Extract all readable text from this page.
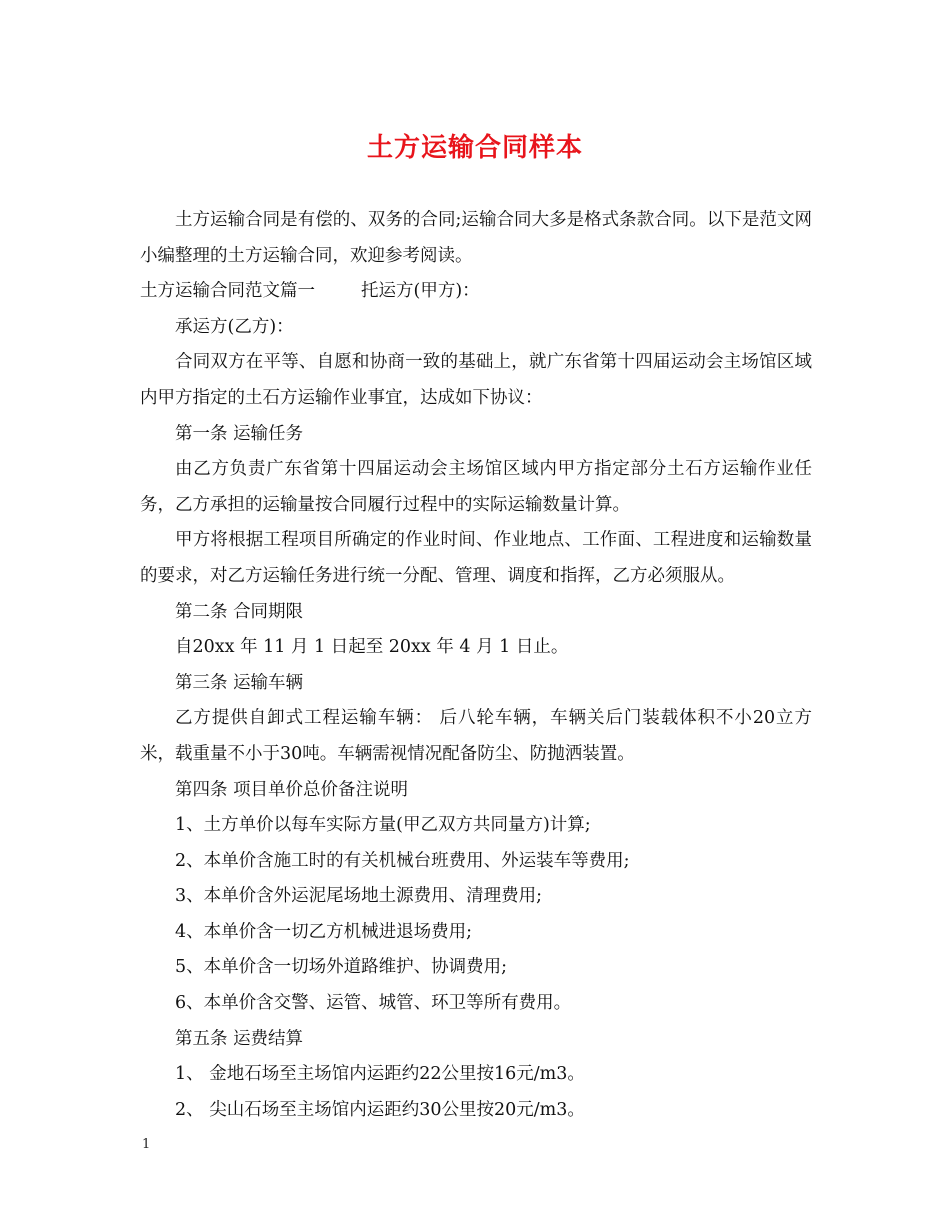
土方运输合同样本

土方运输合同是有偿的、双务的合同;运输合同大多是格式条款合同。以下是范文网小编整理的土方运输合同，欢迎参考阅读。

土方运输合同范文篇一	托运方(甲方)：

承运方(乙方)：

合同双方在平等、自愿和协商一致的基础上，就广东省第十四届运动会主场馆区域内甲方指定的土石方运输作业事宜，达成如下协议：

第一条 运输任务

由乙方负责广东省第十四届运动会主场馆区域内甲方指定部分土石方运输作业任务，乙方承担的运输量按合同履行过程中的实际运输数量计算。

甲方将根据工程项目所确定的作业时间、作业地点、工作面、工程进度和运输数量的要求，对乙方运输任务进行统一分配、管理、调度和指挥，乙方必须服从。

第二条 合同期限

自20xx 年 11 月 1 日起至 20xx 年 4 月 1 日止。

第三条 运输车辆

乙方提供自卸式工程运输车辆： 后八轮车辆，车辆关后门装载体积不小20立方米，载重量不小于30吨。车辆需视情况配备防尘、防抛洒装置。

第四条 项目单价总价备注说明

1、土方单价以每车实际方量(甲乙双方共同量方)计算;

2、本单价含施工时的有关机械台班费用、外运装车等费用;

3、本单价含外运泥尾场地土源费用、清理费用;

4、本单价含一切乙方机械进退场费用;

5、本单价含一切场外道路维护、协调费用;

6、本单价含交警、运管、城管、环卫等所有费用。

第五条 运费结算

1、 金地石场至主场馆内运距约22公里按16元/m3。

2、 尖山石场至主场馆内运距约30公里按20元/m3。

1
